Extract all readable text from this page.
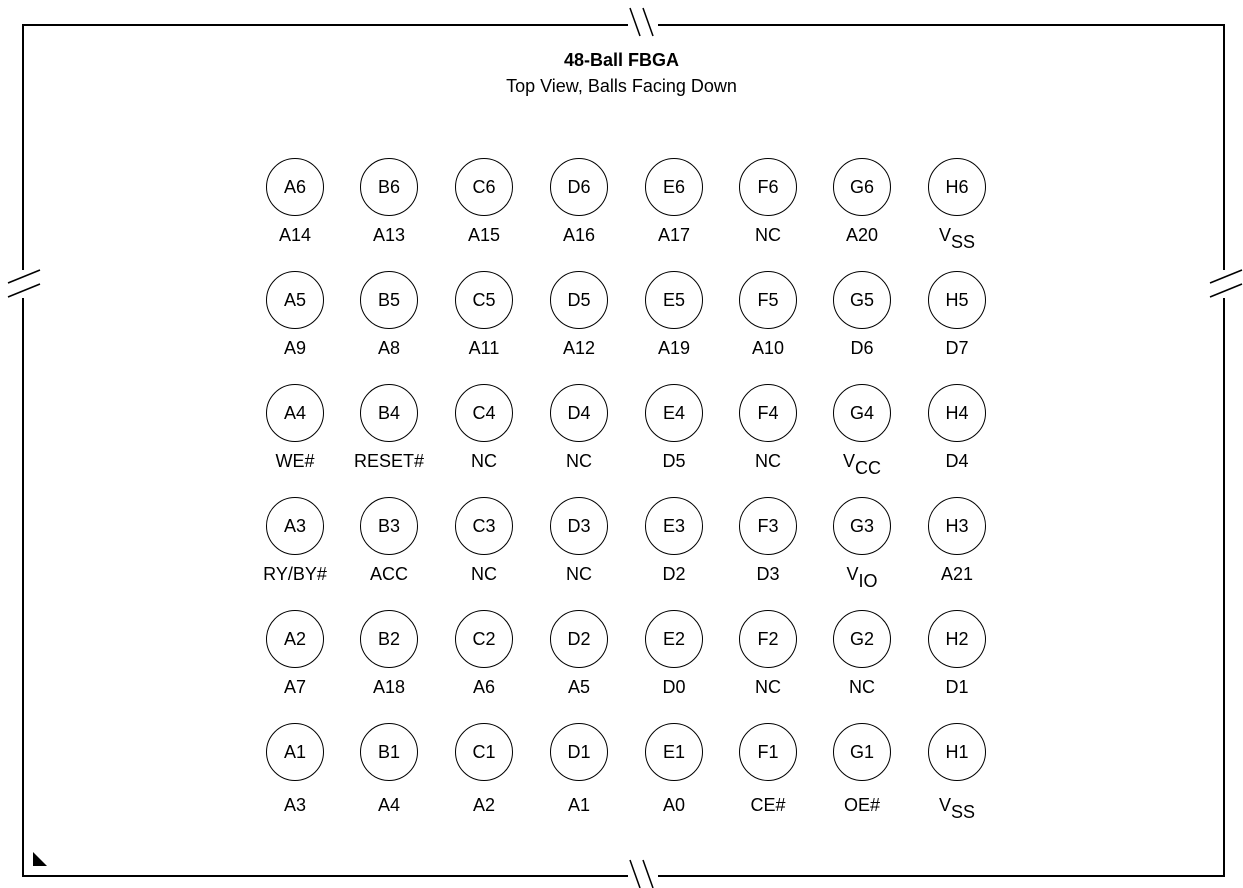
48-Ball FBGA
Top View, Balls Facing Down
A6
A14
B6
A13
C6
A15
D6
A16
E6
A17
F6
NC
G6
A20
H6
$V_{SS}$
A5
A9
B5
A8
C5
A11
D5
A12
E5
A19
F5
A10
G5
D6
H5
D7
A4
WE#
B4
RESET#
C4
NC
D4
NC
E4
D5
F4
NC
G4
$V_{CC}$
H4
D4
A3
RY/BY#
B3
ACC
C3
NC
D3
NC
E3
D2
F3
D3
G3
$V_{IO}$
H3
A21
A2
A7
B2
A18
C2
A6
D2
A5
E2
D0
F2
NC
G2
NC
H2
D1
A1
A3
B1
A4
C1
A2
D1
A1
E1
A0
F1
CE#
G1
OE#
H1
$V_{SS}$
